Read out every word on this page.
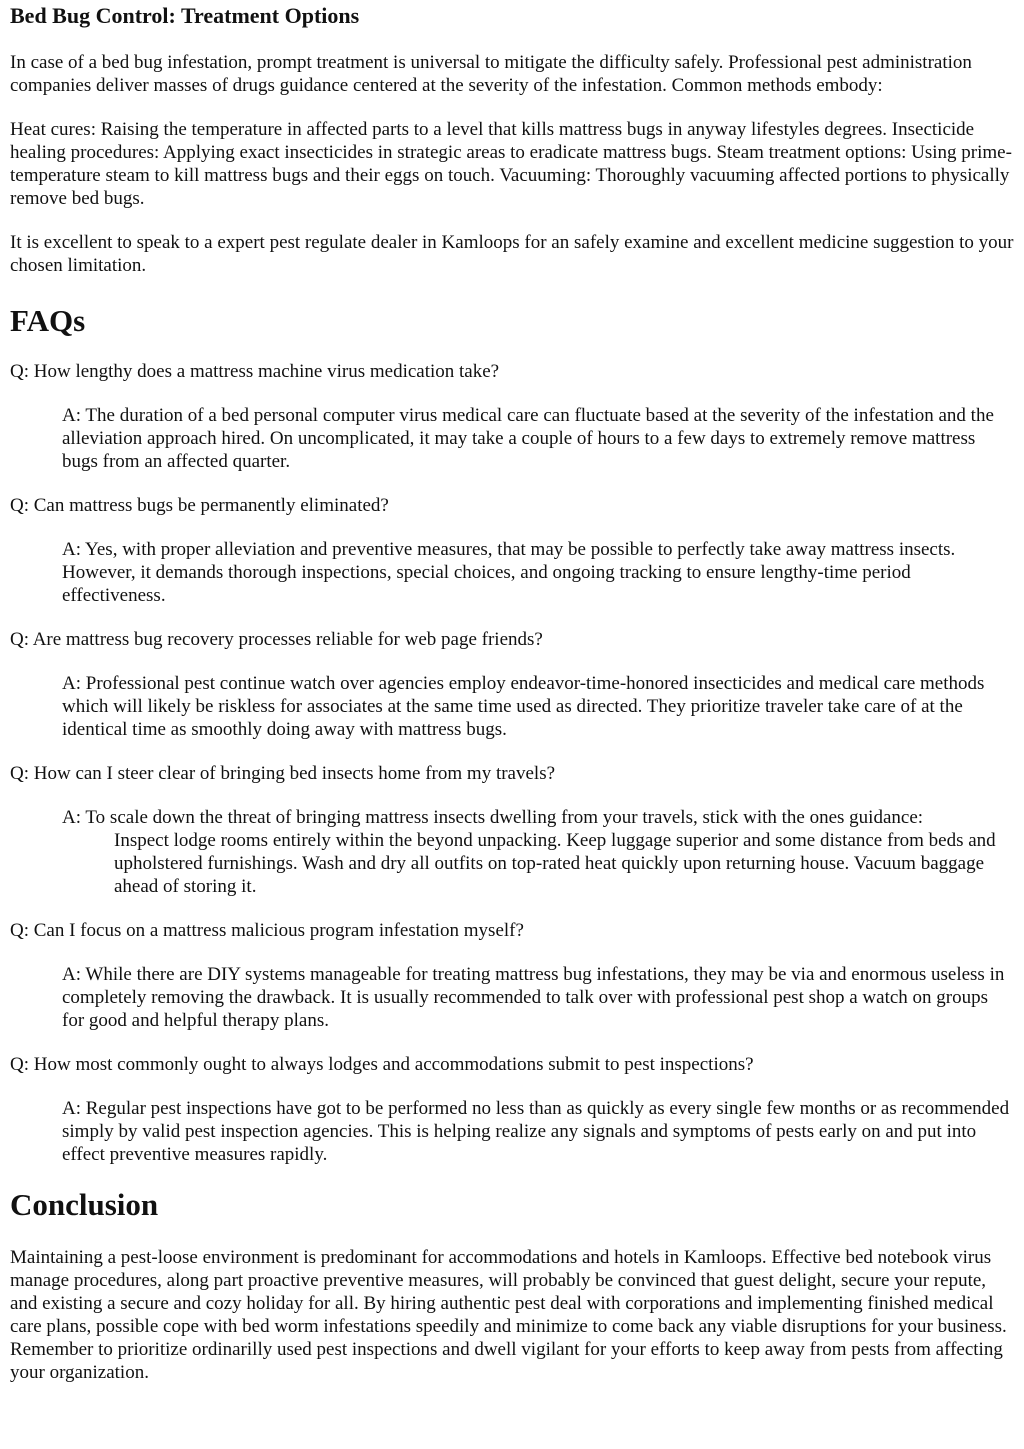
Bed Bug Control: Treatment Options

In case of a bed bug infestation, prompt treatment is universal to mitigate the difficulty safely. Professional pest administration companies deliver masses of drugs guidance centered at the severity of the infestation. Common methods embody:

Heat cures: Raising the temperature in affected parts to a level that kills mattress bugs in anyway lifestyles degrees. Insecticide healing procedures: Applying exact insecticides in strategic areas to eradicate mattress bugs. Steam treatment options: Using prime-temperature steam to kill mattress bugs and their eggs on touch. Vacuuming: Thoroughly vacuuming affected portions to physically remove bed bugs.

It is excellent to speak to a expert pest regulate dealer in Kamloops for an safely examine and excellent medicine suggestion to your chosen limitation.

FAQs

Q: How lengthy does a mattress machine virus medication take?

A: The duration of a bed personal computer virus medical care can fluctuate based at the severity of the infestation and the alleviation approach hired. On uncomplicated, it may take a couple of hours to a few days to extremely remove mattress bugs from an affected quarter.

Q: Can mattress bugs be permanently eliminated?

A: Yes, with proper alleviation and preventive measures, that may be possible to perfectly take away mattress insects. However, it demands thorough inspections, special choices, and ongoing tracking to ensure lengthy-time period effectiveness.

Q: Are mattress bug recovery processes reliable for web page friends?

A: Professional pest continue watch over agencies employ endeavor-time-honored insecticides and medical care methods which will likely be riskless for associates at the same time used as directed. They prioritize traveler take care of at the identical time as smoothly doing away with mattress bugs.

Q: How can I steer clear of bringing bed insects home from my travels?

A: To scale down the threat of bringing mattress insects dwelling from your travels, stick with the ones guidance:
Inspect lodge rooms entirely within the beyond unpacking. Keep luggage superior and some distance from beds and upholstered furnishings. Wash and dry all outfits on top-rated heat quickly upon returning house. Vacuum baggage ahead of storing it.

Q: Can I focus on a mattress malicious program infestation myself?

A: While there are DIY systems manageable for treating mattress bug infestations, they may be via and enormous useless in completely removing the drawback. It is usually recommended to talk over with professional pest shop a watch on groups for good and helpful therapy plans.

Q: How most commonly ought to always lodges and accommodations submit to pest inspections?

A: Regular pest inspections have got to be performed no less than as quickly as every single few months or as recommended simply by valid pest inspection agencies. This is helping realize any signals and symptoms of pests early on and put into effect preventive measures rapidly.

Conclusion

Maintaining a pest-loose environment is predominant for accommodations and hotels in Kamloops. Effective bed notebook virus manage procedures, along part proactive preventive measures, will probably be convinced that guest delight, secure your repute, and existing a secure and cozy holiday for all. By hiring authentic pest deal with corporations and implementing finished medical care plans, possible cope with bed worm infestations speedily and minimize to come back any viable disruptions for your business. Remember to prioritize ordinarilly used pest inspections and dwell vigilant for your efforts to keep away from pests from affecting your organization.
